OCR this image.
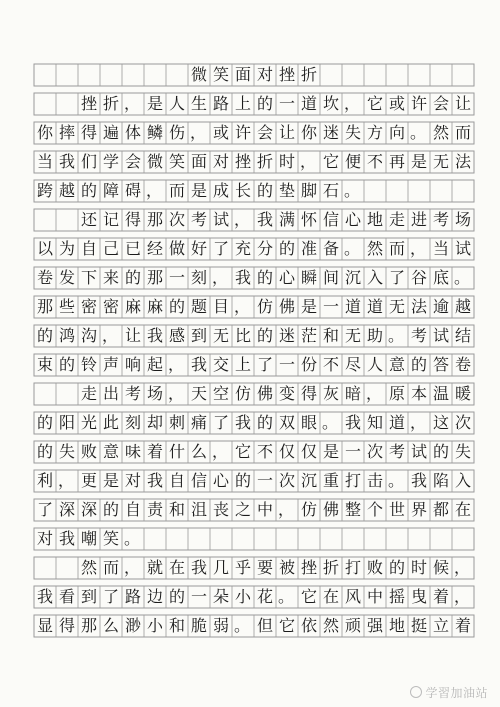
微 笑 面 对 挫 折
挫 折 ， 是 人 生 路 上 的 一 道 坎 ， 它 或 许 会 让
你 摔 得 遍 体 鳞 伤 ， 或 许 会 让 你 迷 失 方 向 。 然 而
当 我 们 学 会 微 笑 面 对 挫 折 时 ， 它 便 不 再 是 无 法
跨 越 的 障 碍 ， 而 是 成 长 的 垫 脚 石 。
还 记 得 那 次 考 试 ， 我 满 怀 信 心 地 走 进 考 场
以 为 自 己 已 经 做 好 了 充 分 的 准 备 。 然 而 ， 当 试
卷 发 下 来 的 那 一 刻 ， 我 的 心 瞬 间 沉 入 了 谷 底 。
那 些 密 密 麻 麻 的 题 目 ， 仿 佛 是 一 道 道 无 法 逾 越
的 鸿 沟 ， 让 我 感 到 无 比 的 迷 茫 和 无 助 。 考 试 结
束 的 铃 声 响 起 ， 我 交 上 了 一 份 不 尽 人 意 的 答 卷
走 出 考 场 ， 天 空 仿 佛 变 得 灰 暗 ， 原 本 温 暖
的 阳 光 此 刻 却 刺 痛 了 我 的 双 眼 。 我 知 道 ， 这 次
的 失 败 意 味 着 什 么 ， 它 不 仅 仅 是 一 次 考 试 的 失
利 ， 更 是 对 我 自 信 心 的 一 次 沉 重 打 击 。 我 陷 入
了 深 深 的 自 责 和 沮 丧 之 中 ， 仿 佛 整 个 世 界 都 在
对 我 嘲 笑 。
然 而 ， 就 在 我 几 乎 要 被 挫 折 打 败 的 时 候 ，
我 看 到 了 路 边 的 一 朵 小 花 。 它 在 风 中 摇 曳 着 ，
显 得 那 么 渺 小 和 脆 弱 。 但 它 依 然 顽 强 地 挺 立 着
学習加油站
